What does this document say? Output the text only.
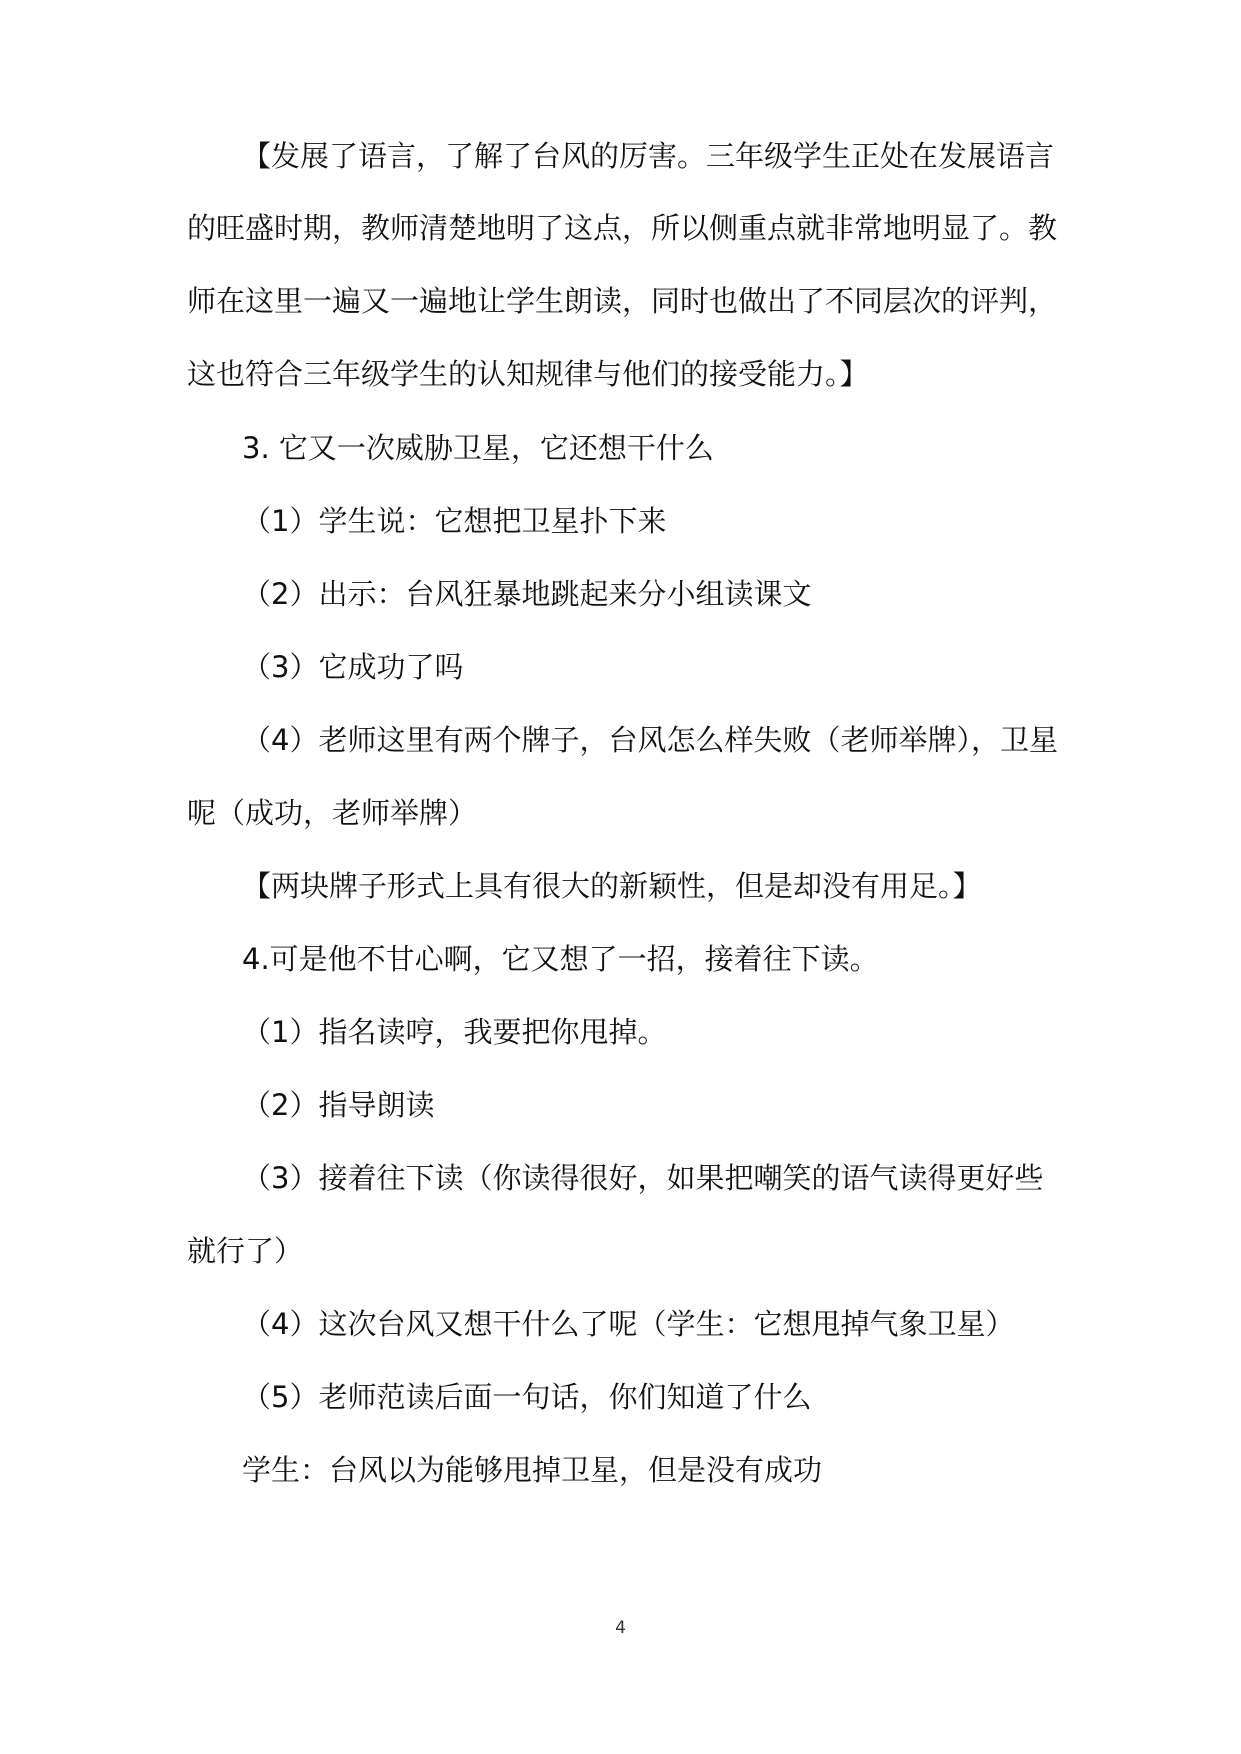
【发展了语言，了解了台风的厉害。三年级学生正处在发展语言
的旺盛时期，教师清楚地明了这点，所以侧重点就非常地明显了。教
师在这里一遍又一遍地让学生朗读，同时也做出了不同层次的评判，
这也符合三年级学生的认知规律与他们的接受能力。】
3. 它又一次威胁卫星，它还想干什么
（1）学生说：它想把卫星扑下来
（2）出示：台风狂暴地跳起来分小组读课文
（3）它成功了吗
（4）老师这里有两个牌子，台风怎么样失败（老师举牌），卫星
呢（成功，老师举牌）
【两块牌子形式上具有很大的新颖性，但是却没有用足。】
4.可是他不甘心啊，它又想了一招，接着往下读。
（1）指名读哼，我要把你甩掉。
（2）指导朗读
（3）接着往下读（你读得很好，如果把嘲笑的语气读得更好些
就行了）
（4）这次台风又想干什么了呢（学生：它想甩掉气象卫星）
（5）老师范读后面一句话，你们知道了什么
学生：台风以为能够甩掉卫星，但是没有成功
4
